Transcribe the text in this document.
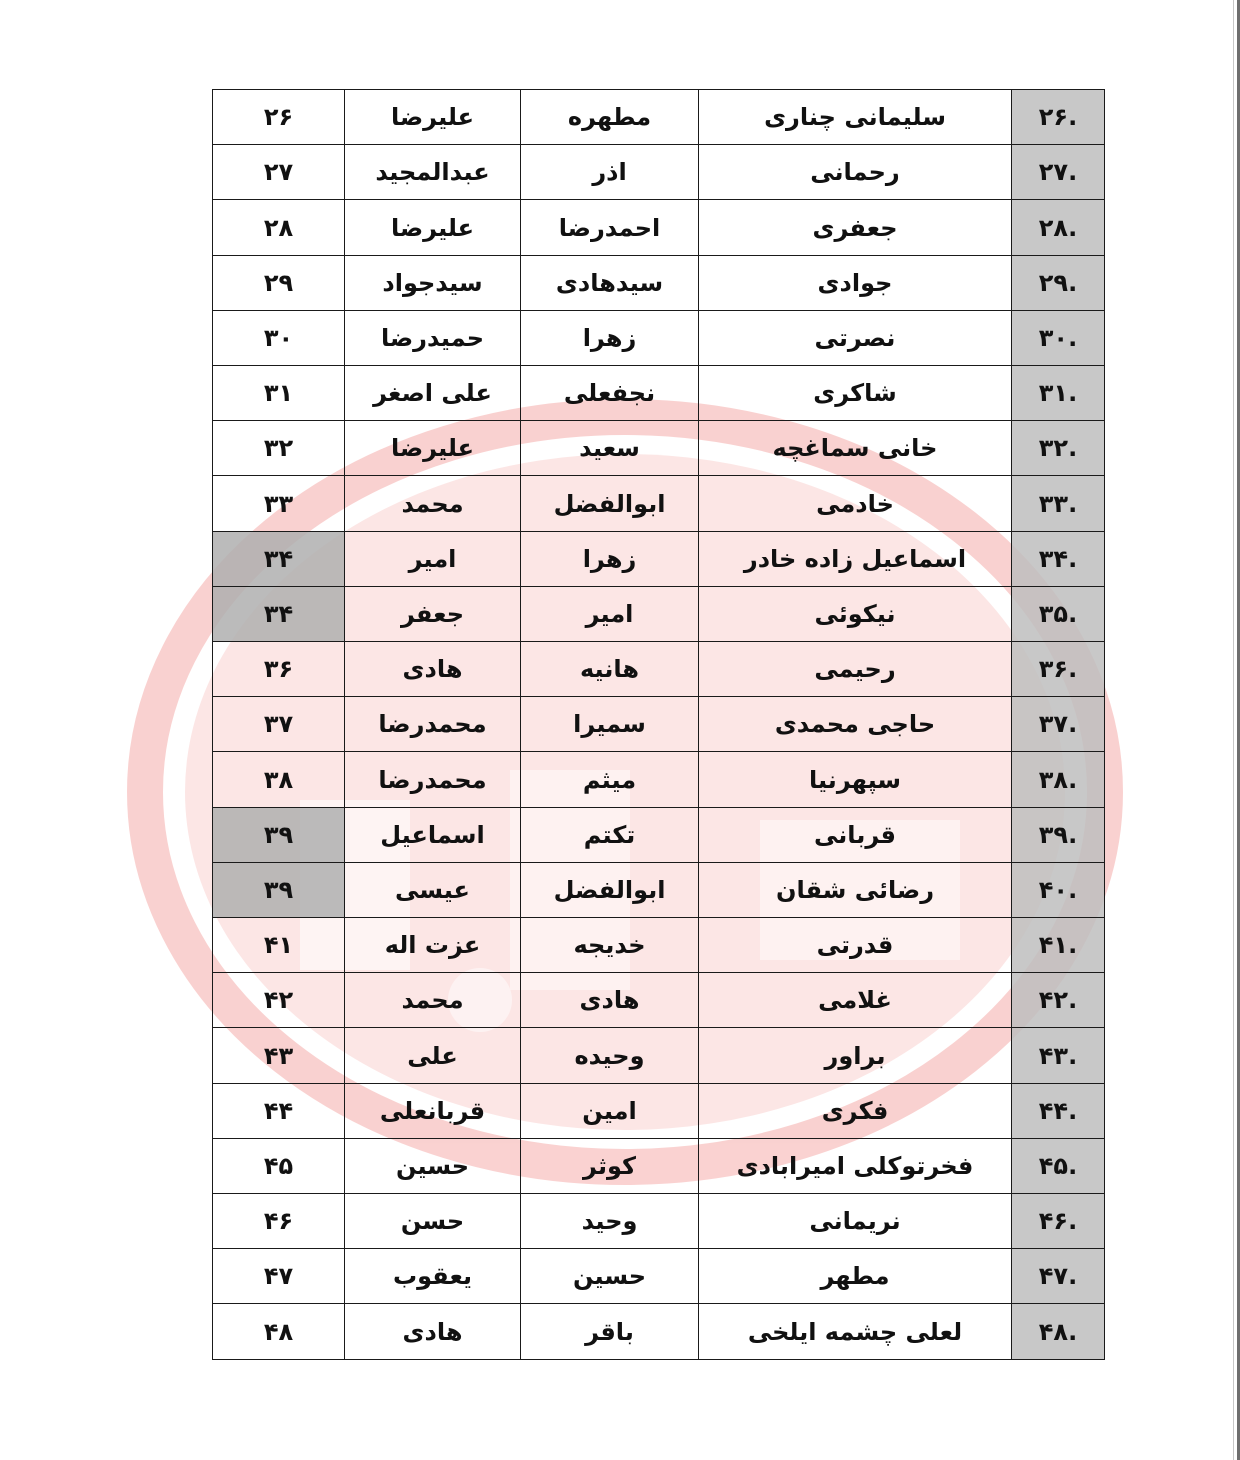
.۲۶	سلیمانی چناری	مطهره	علیرضا	۲۶
.۲۷	رحمانی	اذر	عبدالمجید	۲۷
.۲۸	جعفری	احمدرضا	علیرضا	۲۸
.۲۹	جوادی	سیدهادی	سیدجواد	۲۹
.۳۰	نصرتی	زهرا	حمیدرضا	۳۰
.۳۱	شاکری	نجفعلی	علی اصغر	۳۱
.۳۲	خانی سماغچه	سعید	علیرضا	۳۲
.۳۳	خادمی	ابوالفضل	محمد	۳۳
.۳۴	اسماعیل زاده خادر	زهرا	امیر	۳۴
.۳۵	نیکوئی	امیر	جعفر	۳۴
.۳۶	رحیمی	هانیه	هادی	۳۶
.۳۷	حاجی محمدی	سمیرا	محمدرضا	۳۷
.۳۸	سپهرنیا	میثم	محمدرضا	۳۸
.۳۹	قربانی	تکتم	اسماعیل	۳۹
.۴۰	رضائی شقان	ابوالفضل	عیسی	۳۹
.۴۱	قدرتی	خدیجه	عزت اله	۴۱
.۴۲	غلامی	هادی	محمد	۴۲
.۴۳	براور	وحیده	علی	۴۳
.۴۴	فکری	امین	قربانعلی	۴۴
.۴۵	فخرتوکلی امیرابادی	کوثر	حسین	۴۵
.۴۶	نریمانی	وحید	حسن	۴۶
.۴۷	مطهر	حسین	یعقوب	۴۷
.۴۸	لعلی چشمه ایلخی	باقر	هادی	۴۸
